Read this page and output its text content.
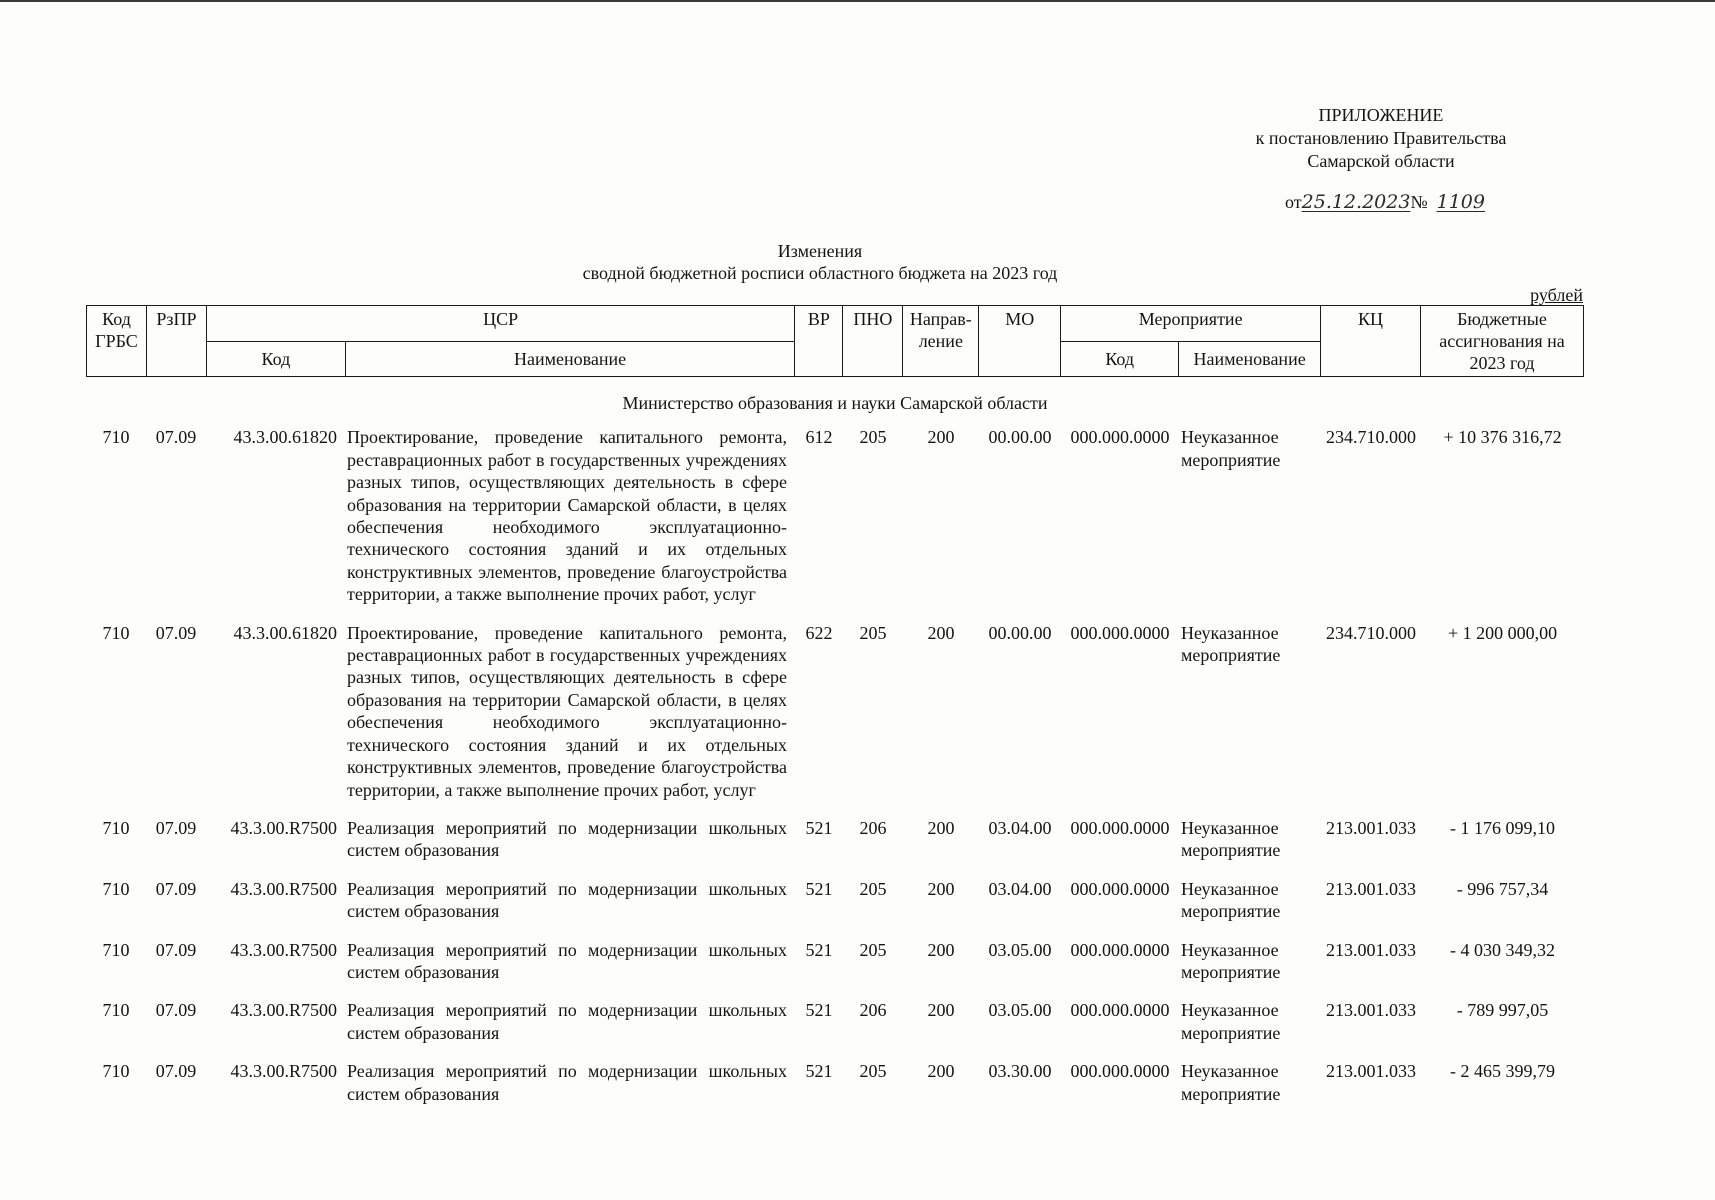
ПРИЛОЖЕНИЕ
к постановлению Правительства
Самарской области
от25.12.2023№ 1109
Изменения
сводной бюджетной росписи областного бюджета на 2023 год
рублей
Код ГРБС	РзПР	ЦСР		ВР	ПНО	Направ-ление	МО	Мероприятие		КЦ	Бюджетные ассигнования на 2023 год
		Код	Наименование					Код	Наименование		
Министерство образования и науки Самарской области											
710	07.09	43.3.00.61820	Проектирование, проведение капитального ремонта, реставрационных работ в государственных учреждениях разных типов, осуществляющих деятельность в сфере образования на территории Самарской области, в целях обеспечения необходимого эксплуатационно-технического состояния зданий и их отдельных конструктивных элементов, проведение благоустройства территории, а также выполнение прочих работ, услуг	612	205	200	00.00.00	000.000.0000	Неуказанное мероприятие	234.710.000	+ 10 376 316,72
710	07.09	43.3.00.61820	Проектирование, проведение капитального ремонта, реставрационных работ в государственных учреждениях разных типов, осуществляющих деятельность в сфере образования на территории Самарской области, в целях обеспечения необходимого эксплуатационно-технического состояния зданий и их отдельных конструктивных элементов, проведение благоустройства территории, а также выполнение прочих работ, услуг	622	205	200	00.00.00	000.000.0000	Неуказанное мероприятие	234.710.000	+ 1 200 000,00
710	07.09	43.3.00.R7500	Реализация мероприятий по модернизации школьных систем образования	521	206	200	03.04.00	000.000.0000	Неуказанное мероприятие	213.001.033	- 1 176 099,10
710	07.09	43.3.00.R7500	Реализация мероприятий по модернизации школьных систем образования	521	205	200	03.04.00	000.000.0000	Неуказанное мероприятие	213.001.033	- 996 757,34
710	07.09	43.3.00.R7500	Реализация мероприятий по модернизации школьных систем образования	521	205	200	03.05.00	000.000.0000	Неуказанное мероприятие	213.001.033	- 4 030 349,32
710	07.09	43.3.00.R7500	Реализация мероприятий по модернизации школьных систем образования	521	206	200	03.05.00	000.000.0000	Неуказанное мероприятие	213.001.033	- 789 997,05
710	07.09	43.3.00.R7500	Реализация мероприятий по модернизации школьных систем образования	521	205	200	03.30.00	000.000.0000	Неуказанное мероприятие	213.001.033	- 2 465 399,79
